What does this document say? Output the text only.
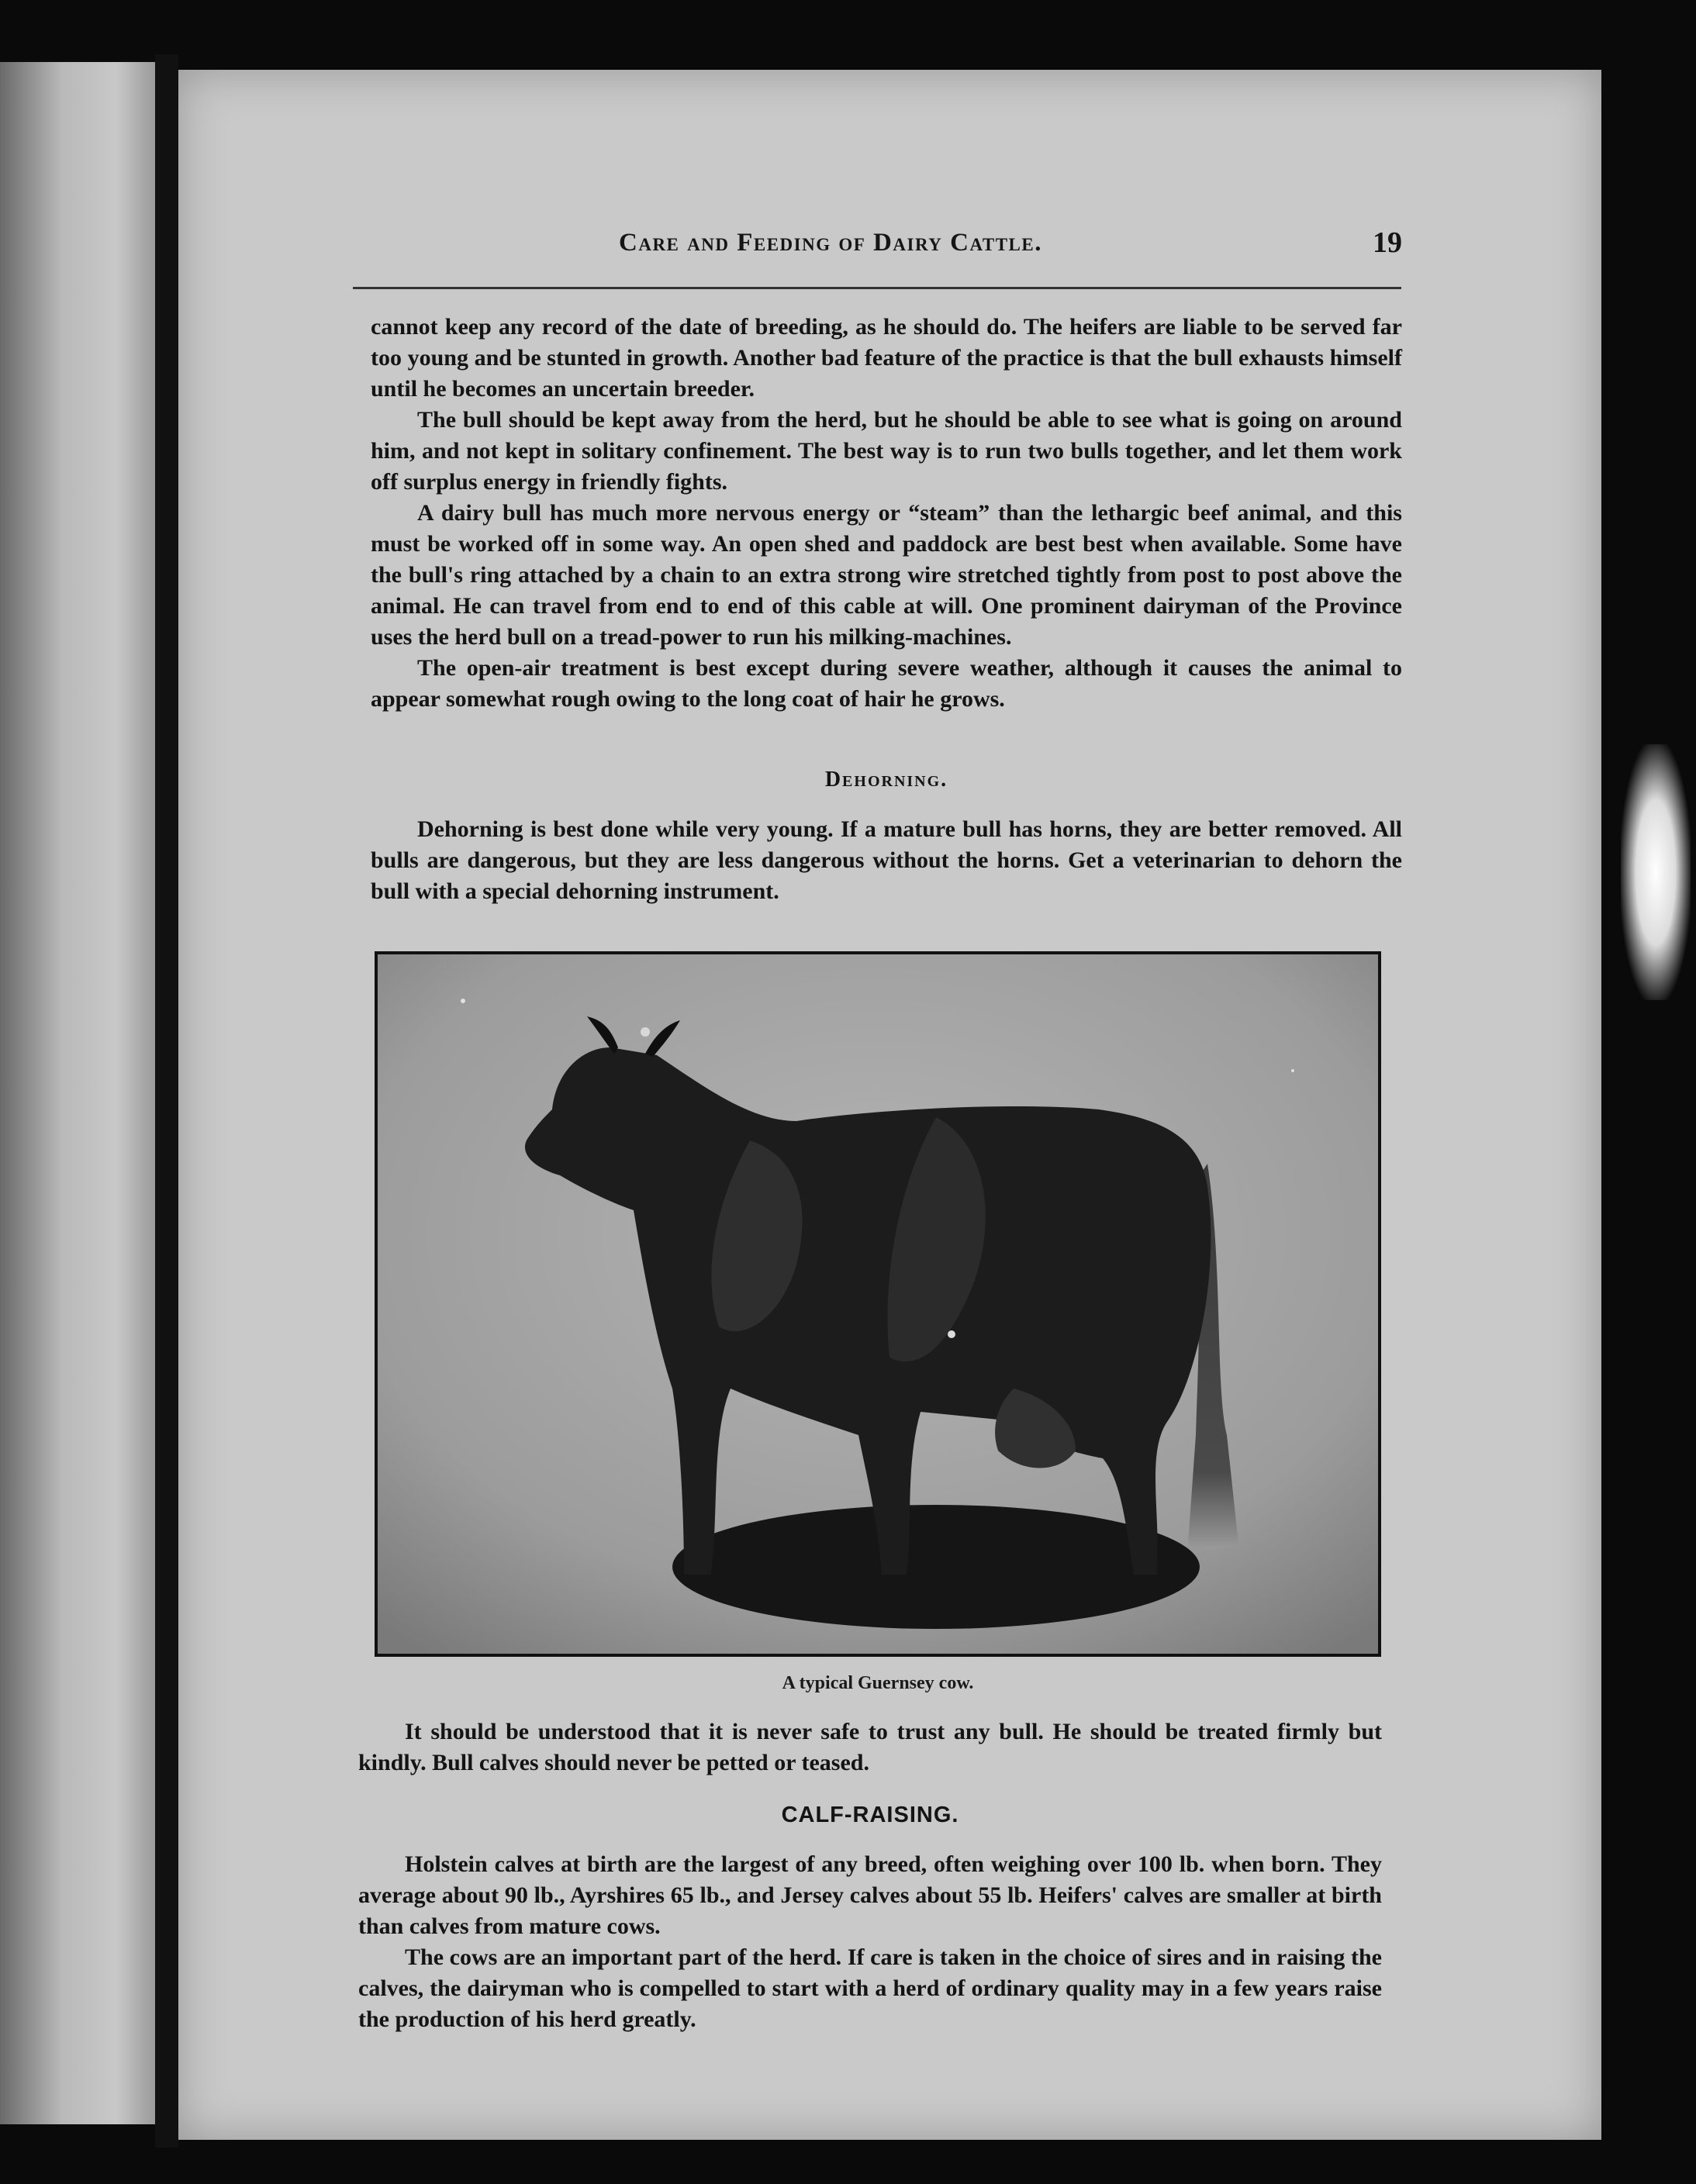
Care and Feeding of Dairy Cattle.	19

cannot keep any record of the date of breeding, as he should do. The heifers are liable to be served far too young and be stunted in growth. Another bad feature of the practice is that the bull exhausts himself until he becomes an uncertain breeder.

The bull should be kept away from the herd, but he should be able to see what is going on around him, and not kept in solitary confinement. The best way is to run two bulls together, and let them work off surplus energy in friendly fights.

A dairy bull has much more nervous energy or “steam” than the lethargic beef animal, and this must be worked off in some way. An open shed and paddock are best best when available. Some have the bull's ring attached by a chain to an extra strong wire stretched tightly from post to post above the animal. He can travel from end to end of this cable at will. One prominent dairyman of the Province uses the herd bull on a tread-power to run his milking-machines.

The open-air treatment is best except during severe weather, although it causes the animal to appear somewhat rough owing to the long coat of hair he grows.

Dehorning.

Dehorning is best done while very young. If a mature bull has horns, they are better removed. All bulls are dangerous, but they are less dangerous without the horns. Get a veterinarian to dehorn the bull with a special dehorning instrument.

A typical Guernsey cow.

It should be understood that it is never safe to trust any bull. He should be treated firmly but kindly. Bull calves should never be petted or teased.

CALF-RAISING.

Holstein calves at birth are the largest of any breed, often weighing over 100 lb. when born. They average about 90 lb., Ayrshires 65 lb., and Jersey calves about 55 lb. Heifers' calves are smaller at birth than calves from mature cows.

The cows are an important part of the herd. If care is taken in the choice of sires and in raising the calves, the dairyman who is compelled to start with a herd of ordinary quality may in a few years raise the production of his herd greatly.
